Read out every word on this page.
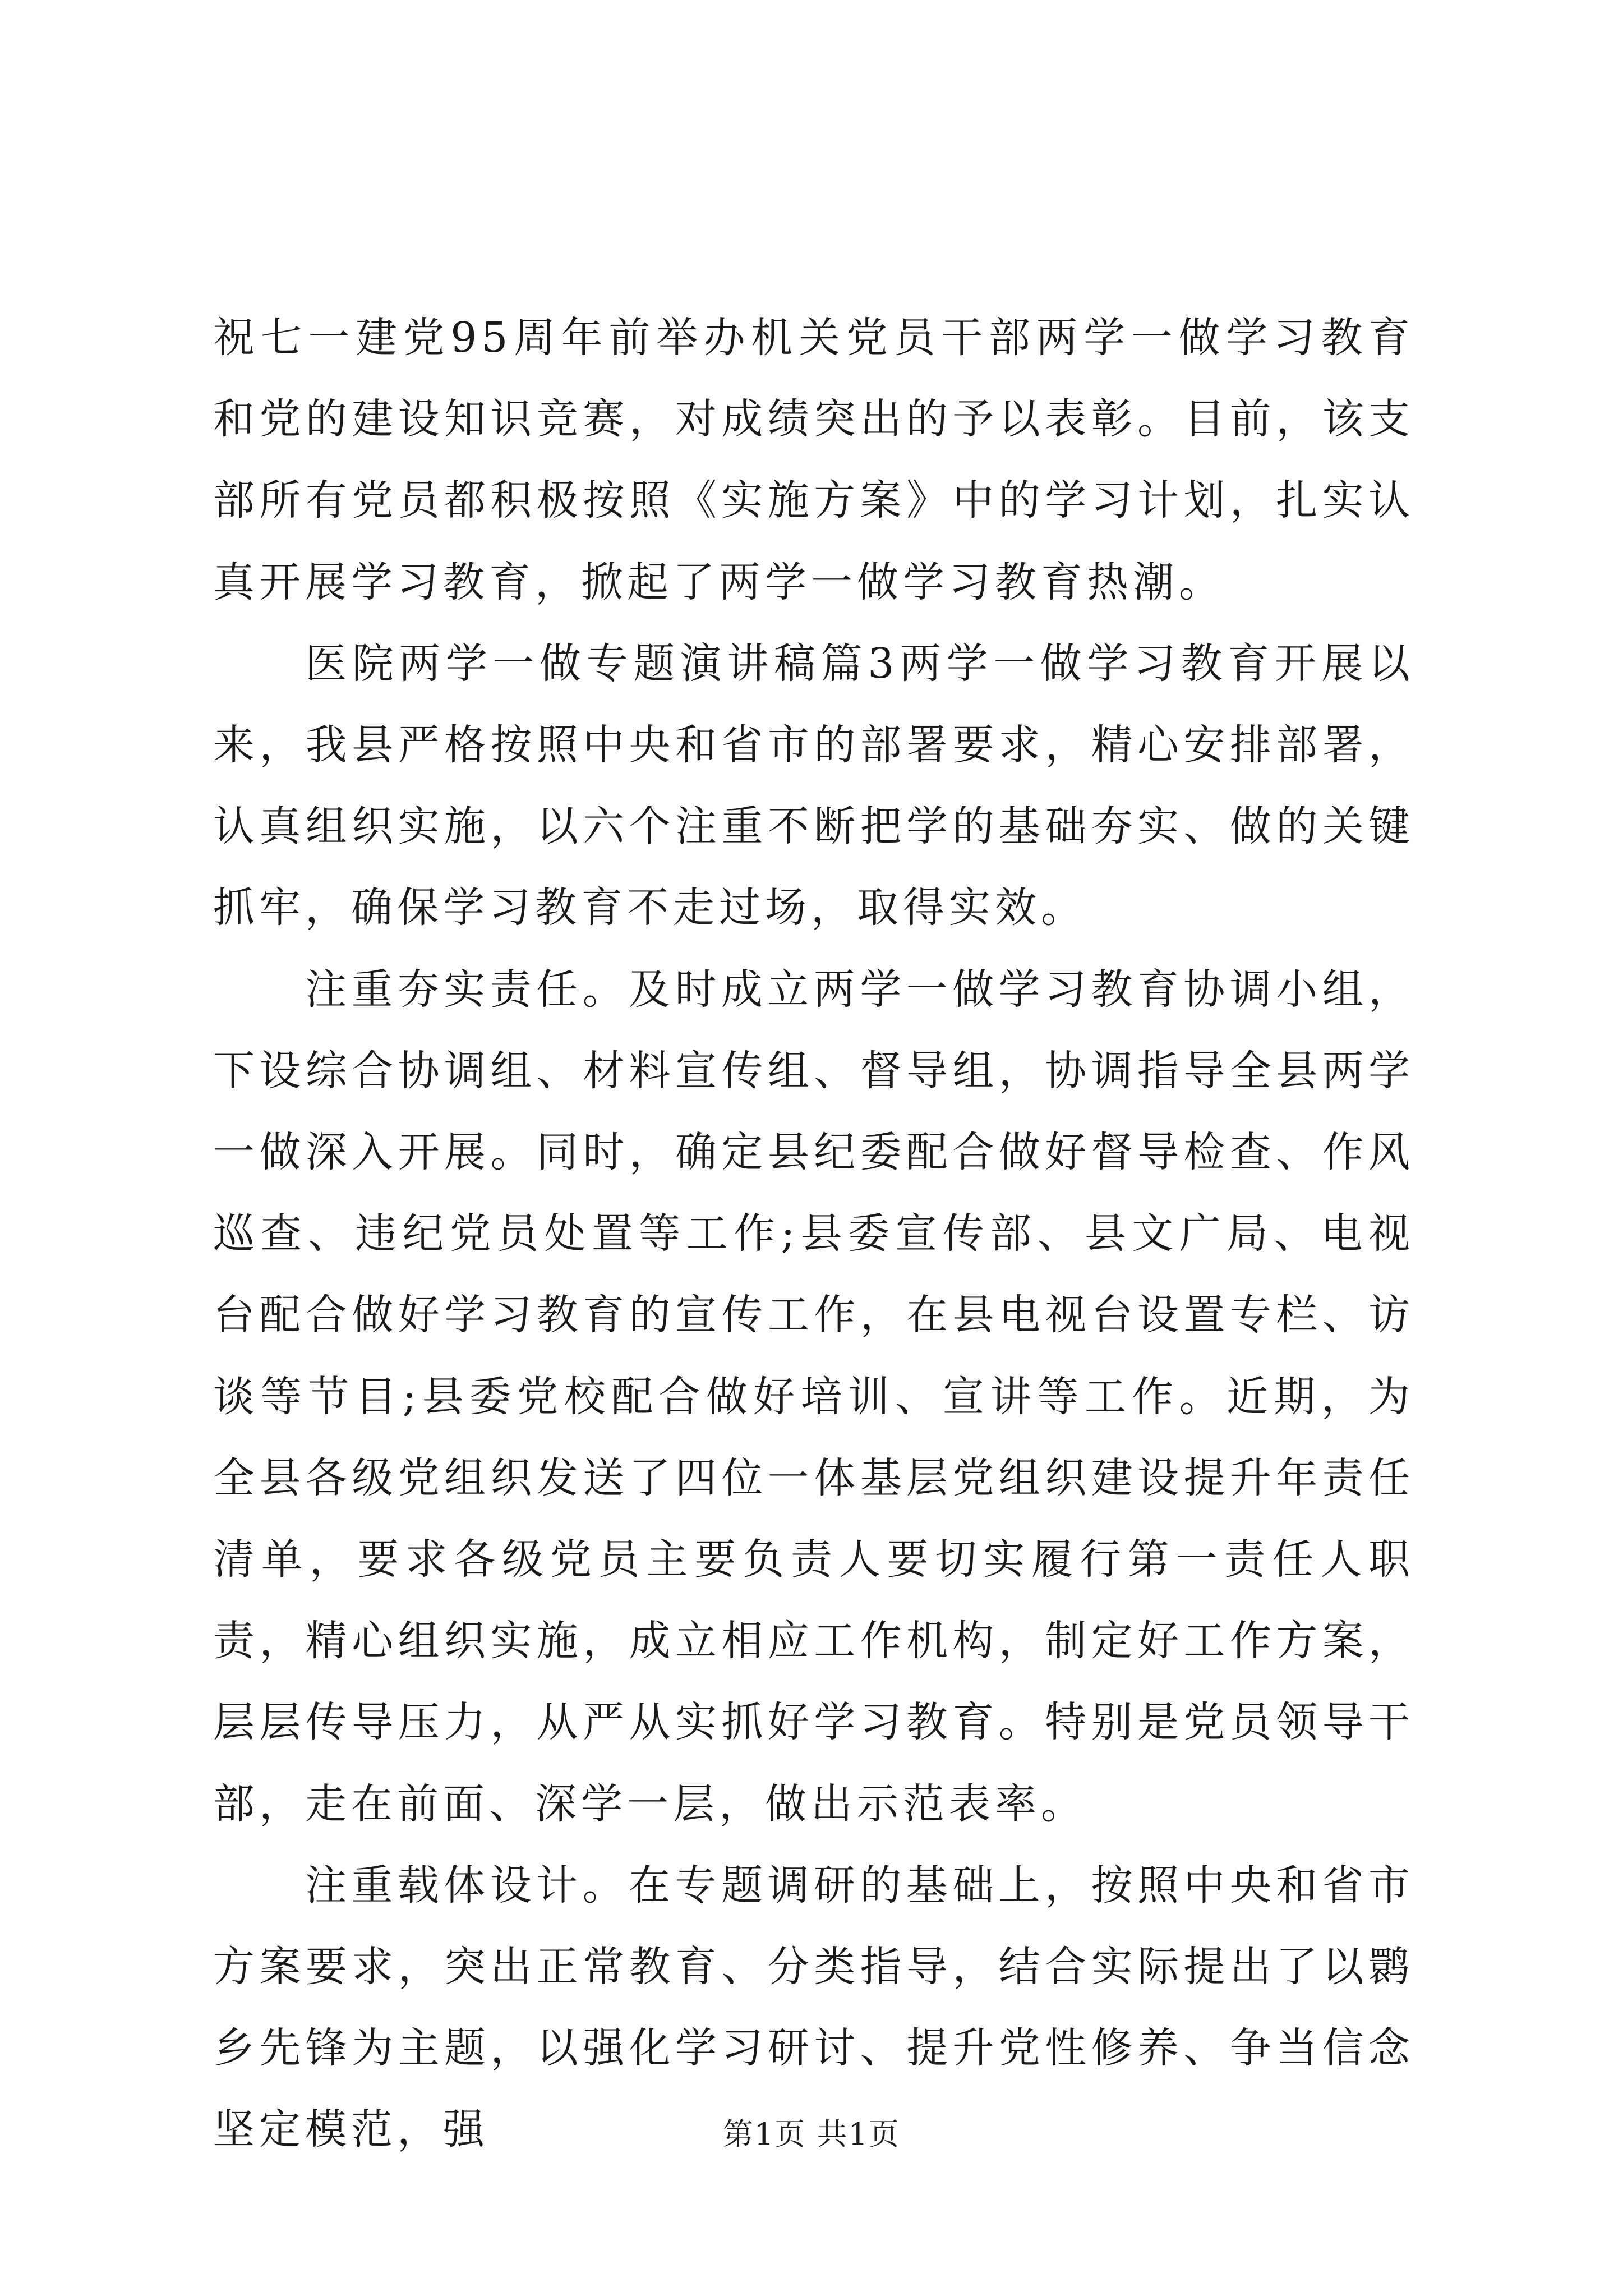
祝七一建党95周年前举办机关党员干部两学一做学习教育和党的建设知识竞赛，对成绩突出的予以表彰。目前，该支部所有党员都积极按照《实施方案》中的学习计划，扎实认真开展学习教育，掀起了两学一做学习教育热潮。

医院两学一做专题演讲稿篇3两学一做学习教育开展以来，我县严格按照中央和省市的部署要求，精心安排部署，认真组织实施，以六个注重不断把学的基础夯实、做的关键抓牢，确保学习教育不走过场，取得实效。

注重夯实责任。及时成立两学一做学习教育协调小组，下设综合协调组、材料宣传组、督导组，协调指导全县两学一做深入开展。同时，确定县纪委配合做好督导检查、作风巡查、违纪党员处置等工作;县委宣传部、县文广局、电视台配合做好学习教育的宣传工作，在县电视台设置专栏、访谈等节目;县委党校配合做好培训、宣讲等工作。近期，为全县各级党组织发送了四位一体基层党组织建设提升年责任清单，要求各级党员主要负责人要切实履行第一责任人职责，精心组织实施，成立相应工作机构，制定好工作方案，层层传导压力，从严从实抓好学习教育。特别是党员领导干部，走在前面、深学一层，做出示范表率。

注重载体设计。在专题调研的基础上，按照中央和省市方案要求，突出正常教育、分类指导，结合实际提出了以鹮乡先锋为主题，以强化学习研讨、提升党性修养、争当信念坚定模范，强	第1页 共1页
